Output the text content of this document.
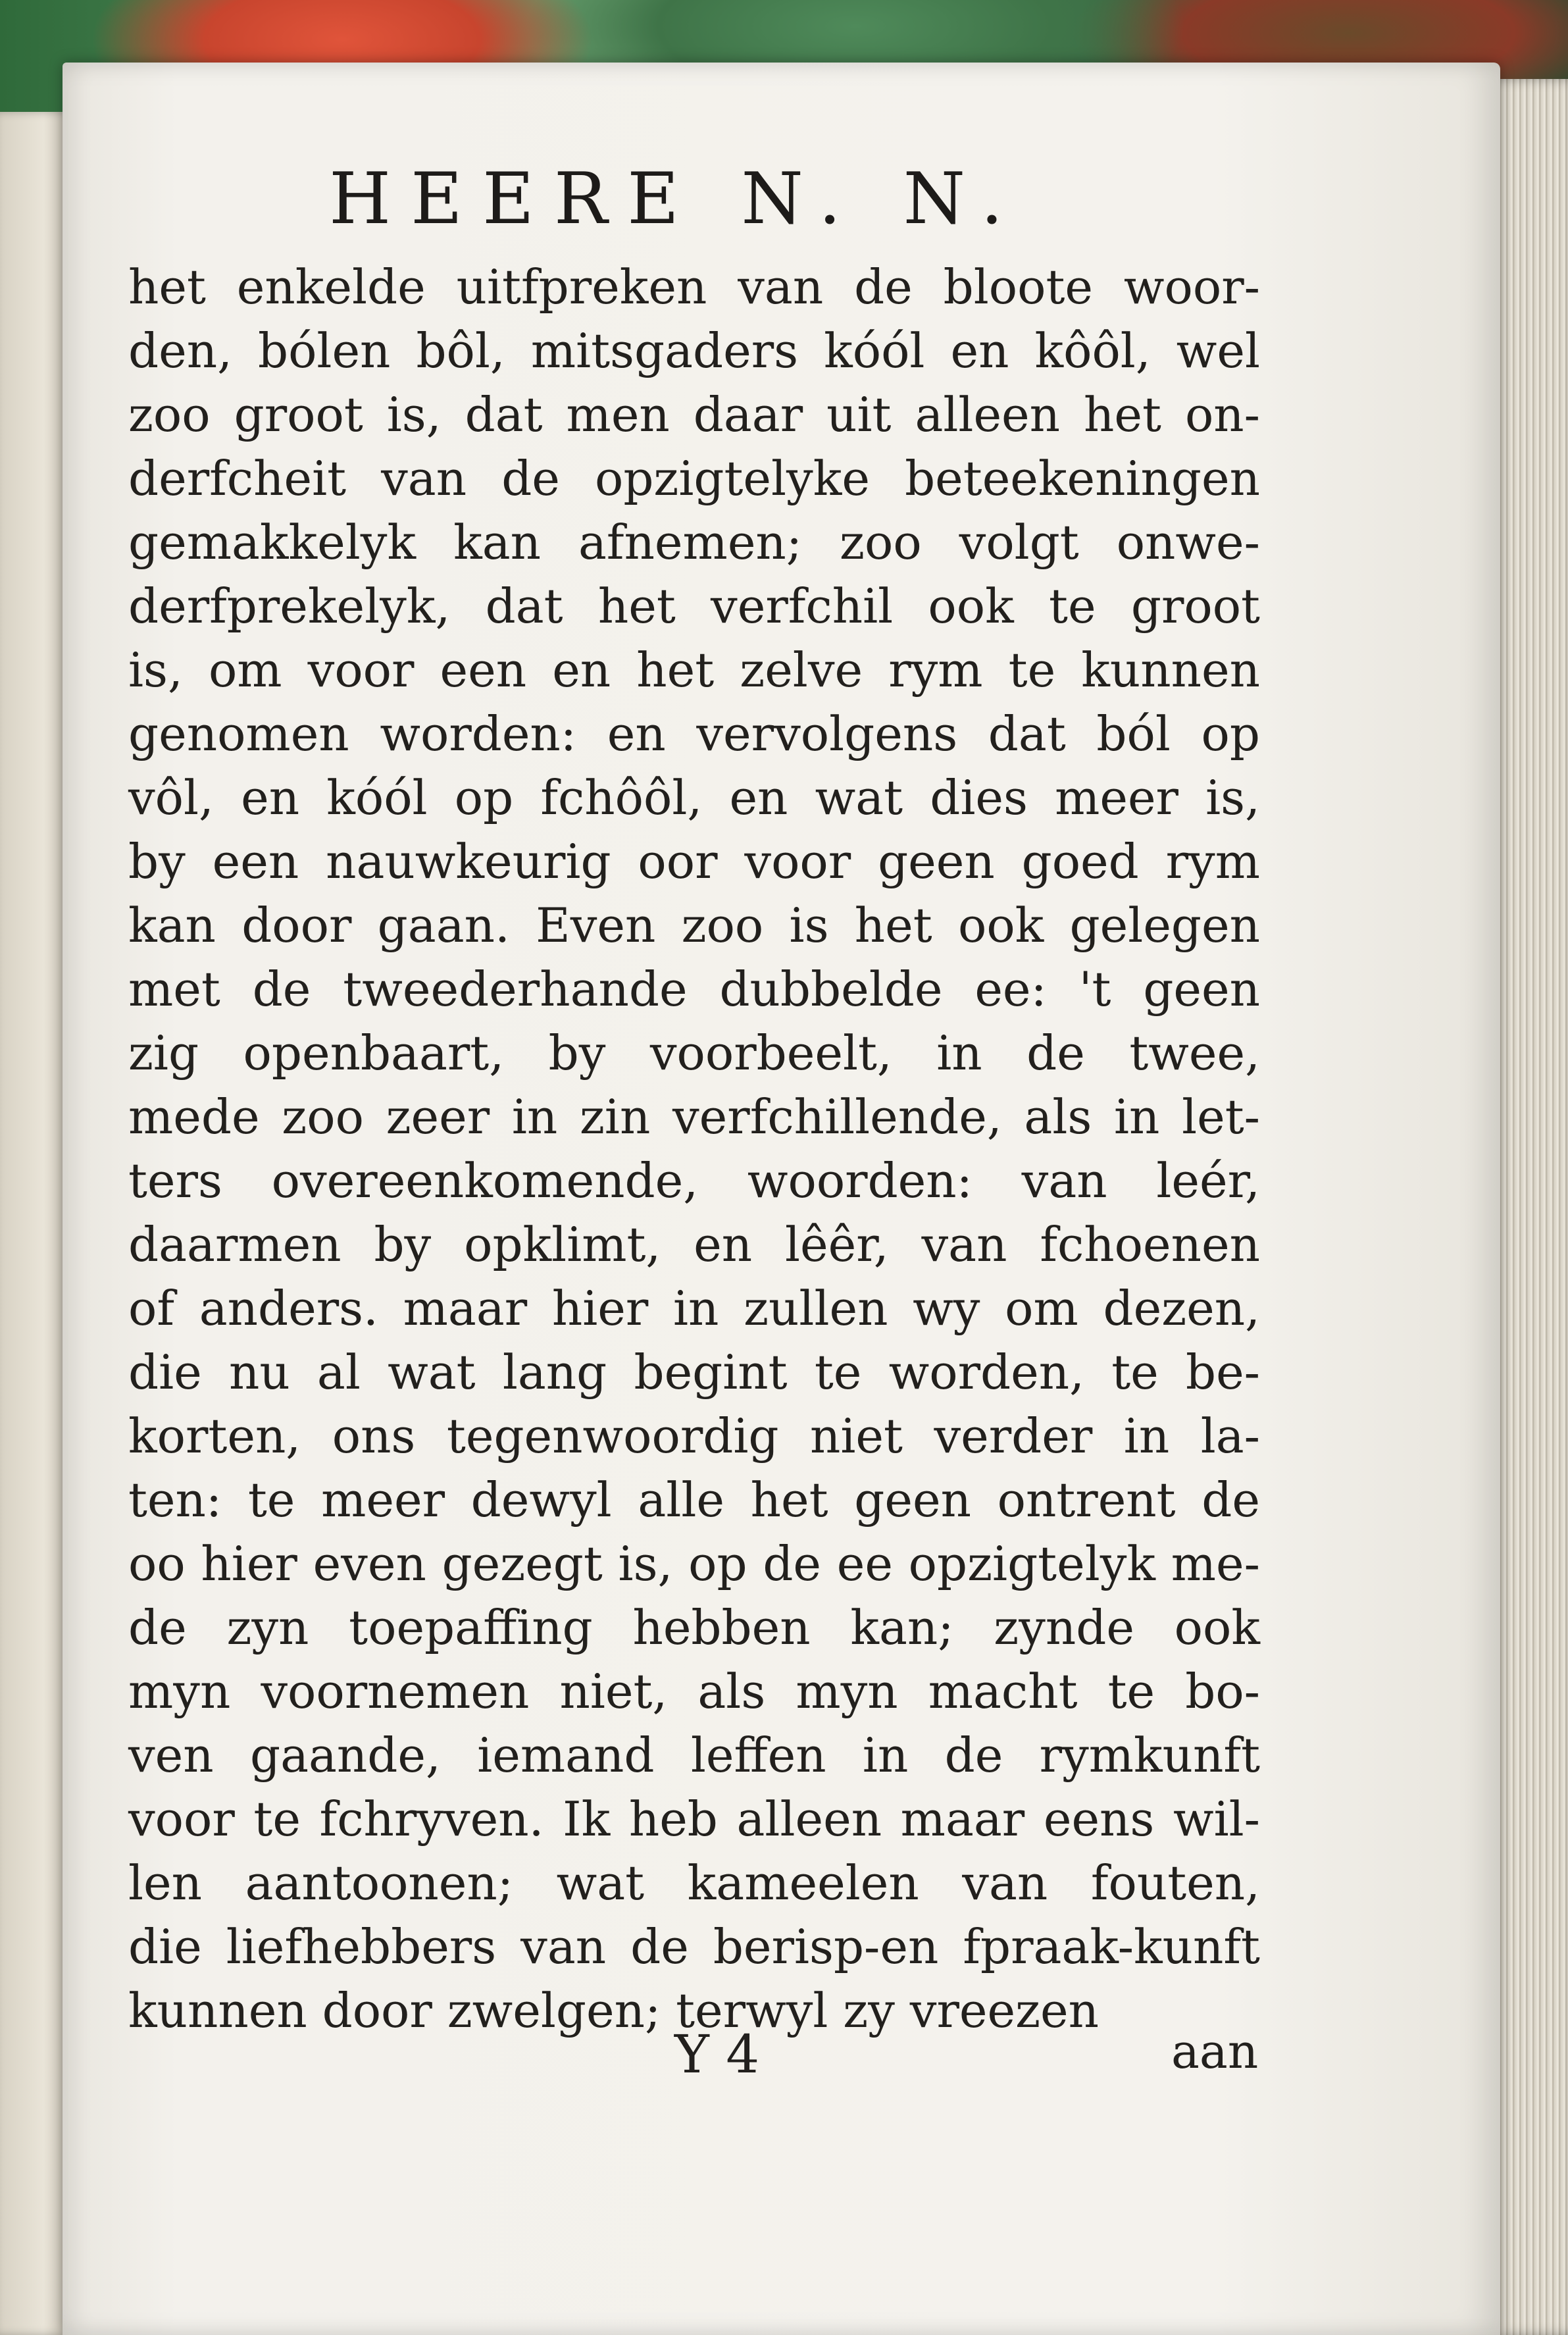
HEERE N. N.
het enkelde uitfpreken van de bloote woor-
den, bólen bôl, mitsgaders kóól en kôôl, wel
zoo groot is, dat men daar uit alleen het on-
derfcheit van de opzigtelyke beteekeningen
gemakkelyk kan afnemen; zoo volgt onwe-
derfprekelyk, dat het verfchil ook te groot
is, om voor een en het zelve rym te kunnen
genomen worden: en vervolgens dat ból op
vôl, en kóól op fchôôl, en wat dies meer is,
by een nauwkeurig oor voor geen goed rym
kan door gaan. Even zoo is het ook gelegen
met de tweederhande dubbelde ee: 't geen
zig openbaart, by voorbeelt, in de twee,
mede zoo zeer in zin verfchillende, als in let-
ters overeenkomende, woorden: van leér,
daarmen by opklimt, en lêêr, van fchoenen
of anders. maar hier in zullen wy om dezen,
die nu al wat lang begint te worden, te be-
korten, ons tegenwoordig niet verder in la-
ten: te meer dewyl alle het geen ontrent de
oo hier even gezegt is, op de ee opzigtelyk me-
de zyn toepaffing hebben kan; zynde ook
myn voornemen niet, als myn macht te bo-
ven gaande, iemand leffen in de rymkunft
voor te fchryven. Ik heb alleen maar eens wil-
len aantoonen; wat kameelen van fouten,
die liefhebbers van de berisp-en fpraak-kunft
kunnen door zwelgen; terwyl zy vreezen
Y 4	aan
